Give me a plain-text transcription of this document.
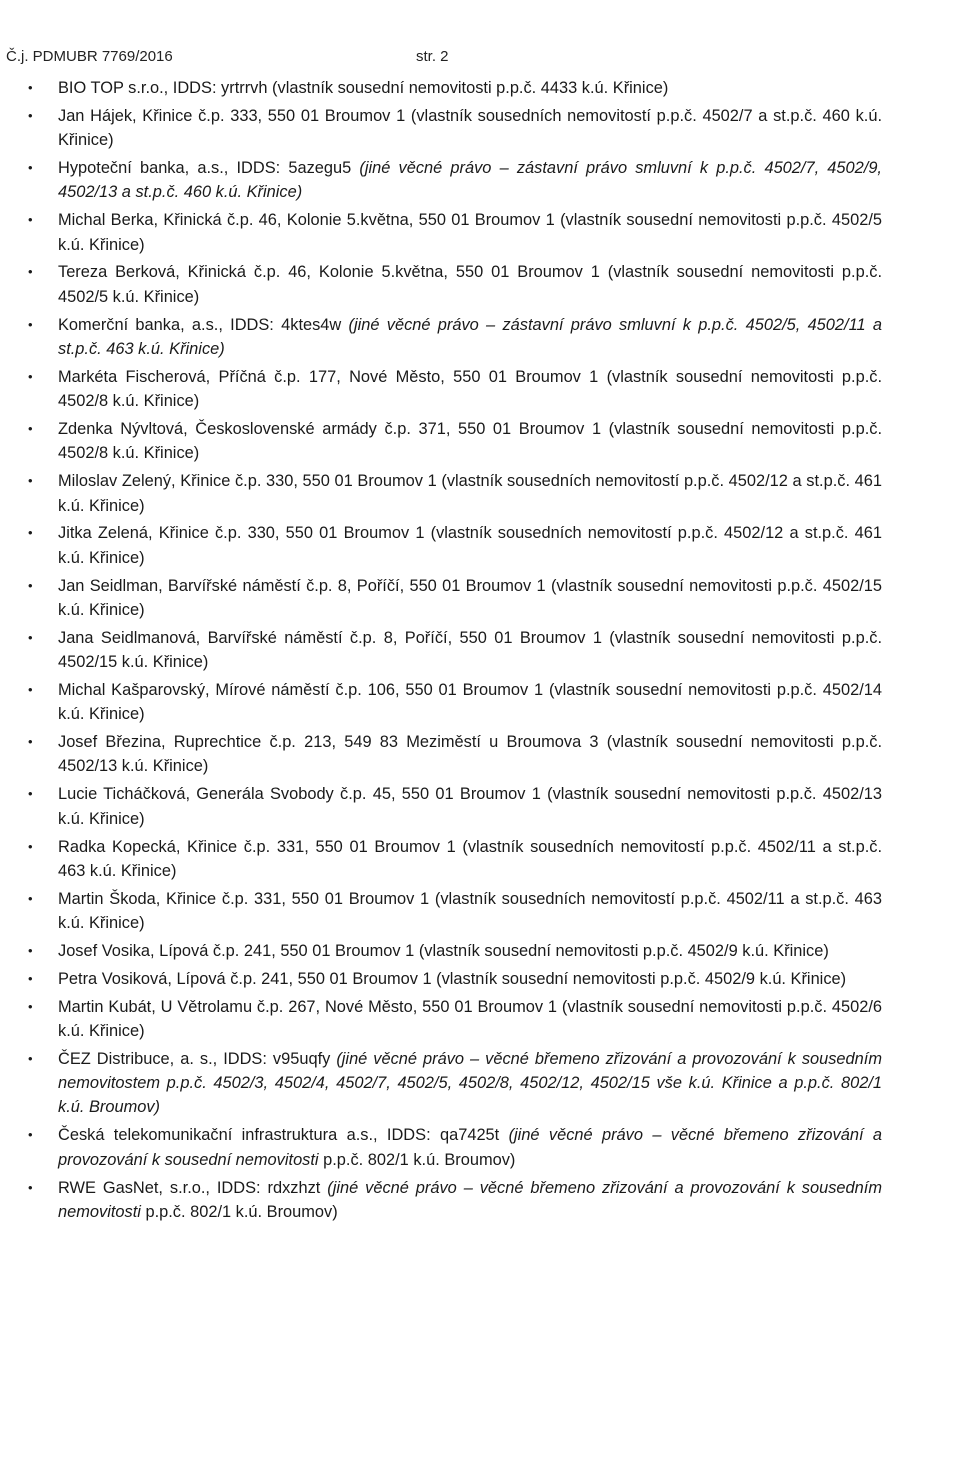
Č.j. PDMUBR 7769/2016	str. 2
• BIO TOP s.r.o., IDDS: yrtrrvh (vlastník sousední nemovitosti p.p.č. 4433 k.ú. Křinice)
• Jan Hájek, Křinice č.p. 333, 550 01 Broumov 1 (vlastník sousedních nemovitostí p.p.č. 4502/7 a st.p.č. 460 k.ú. Křinice)
• Hypoteční banka, a.s., IDDS: 5azegu5 (jiné věcné právo – zástavní právo smluvní k p.p.č. 4502/7, 4502/9, 4502/13 a st.p.č. 460 k.ú. Křinice)
• Michal Berka, Křinická č.p. 46, Kolonie 5.května, 550 01 Broumov 1 (vlastník sousední nemovitosti p.p.č. 4502/5 k.ú. Křinice)
• Tereza Berková, Křinická č.p. 46, Kolonie 5.května, 550 01 Broumov 1 (vlastník sousední nemovitosti p.p.č. 4502/5 k.ú. Křinice)
• Komerční banka, a.s., IDDS: 4ktes4w (jiné věcné právo – zástavní právo smluvní k p.p.č. 4502/5, 4502/11 a st.p.č. 463 k.ú. Křinice)
• Markéta Fischerová, Příčná č.p. 177, Nové Město, 550 01 Broumov 1 (vlastník sousední nemovitosti p.p.č. 4502/8 k.ú. Křinice)
• Zdenka Nývltová, Československé armády č.p. 371, 550 01 Broumov 1 (vlastník sousední nemovitosti p.p.č. 4502/8 k.ú. Křinice)
• Miloslav Zelený, Křinice č.p. 330, 550 01 Broumov 1 (vlastník sousedních nemovitostí p.p.č. 4502/12 a st.p.č. 461 k.ú. Křinice)
• Jitka Zelená, Křinice č.p. 330, 550 01 Broumov 1 (vlastník sousedních nemovitostí p.p.č. 4502/12 a st.p.č. 461 k.ú. Křinice)
• Jan Seidlman, Barvířské náměstí č.p. 8, Poříčí, 550 01 Broumov 1 (vlastník sousední nemovitosti p.p.č. 4502/15 k.ú. Křinice)
• Jana Seidlmanová, Barvířské náměstí č.p. 8, Poříčí, 550 01 Broumov 1 (vlastník sousední nemovitosti p.p.č. 4502/15 k.ú. Křinice)
• Michal Kašparovský, Mírové náměstí č.p. 106, 550 01 Broumov 1 (vlastník sousední nemovitosti p.p.č. 4502/14 k.ú. Křinice)
• Josef Březina, Ruprechtice č.p. 213, 549 83 Meziměstí u Broumova 3 (vlastník sousední nemovitosti p.p.č. 4502/13 k.ú. Křinice)
• Lucie Ticháčková, Generála Svobody č.p. 45, 550 01 Broumov 1 (vlastník sousední nemovitosti p.p.č. 4502/13 k.ú. Křinice)
• Radka Kopecká, Křinice č.p. 331, 550 01 Broumov 1 (vlastník sousedních nemovitostí p.p.č. 4502/11 a st.p.č. 463 k.ú. Křinice)
• Martin Škoda, Křinice č.p. 331, 550 01 Broumov 1 (vlastník sousedních nemovitostí p.p.č. 4502/11 a st.p.č. 463 k.ú. Křinice)
• Josef Vosika, Lípová č.p. 241, 550 01 Broumov 1 (vlastník sousední nemovitosti p.p.č. 4502/9 k.ú. Křinice)
• Petra Vosiková, Lípová č.p. 241, 550 01 Broumov 1 (vlastník sousední nemovitosti p.p.č. 4502/9 k.ú. Křinice)
• Martin Kubát, U Větrolamu č.p. 267, Nové Město, 550 01 Broumov 1 (vlastník sousední nemovitosti p.p.č. 4502/6 k.ú. Křinice)
• ČEZ Distribuce, a. s., IDDS: v95uqfy (jiné věcné právo – věcné břemeno zřizování a provozování k sousedním nemovitostem p.p.č. 4502/3, 4502/4, 4502/7, 4502/5, 4502/8, 4502/12, 4502/15 vše k.ú. Křinice a p.p.č. 802/1 k.ú. Broumov)
• Česká telekomunikační infrastruktura a.s., IDDS: qa7425t (jiné věcné právo – věcné břemeno zřizování a provozování k sousední nemovitosti p.p.č. 802/1 k.ú. Broumov)
• RWE GasNet, s.r.o., IDDS: rdxzhzt (jiné věcné právo – věcné břemeno zřizování a provozování k sousedním nemovitosti p.p.č. 802/1 k.ú. Broumov)
